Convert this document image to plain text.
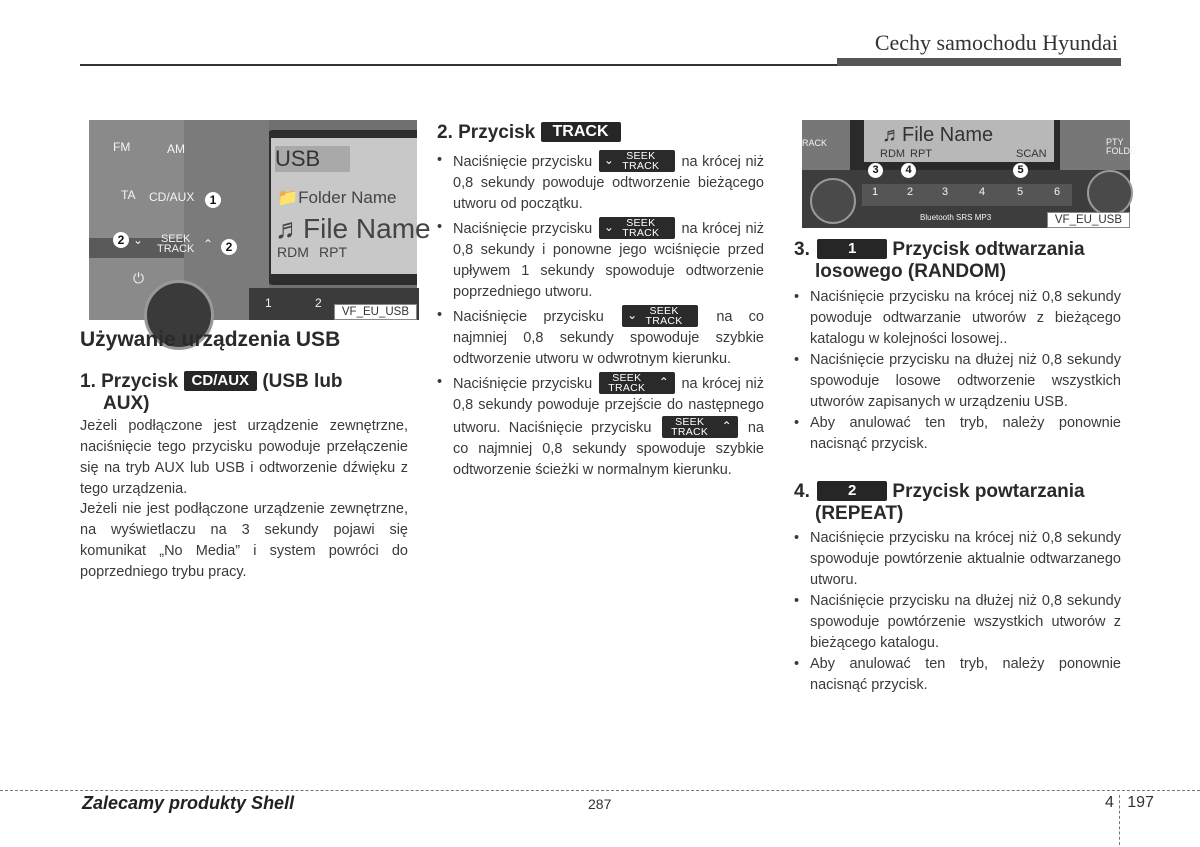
Cechy samochodu Hyundai
FM	AM
TA CD/AUX
SEEK
TRACK
⌄	⌃
⏻
1
2	2
USB
📁Folder Name
♬File Name
RDM RPT
1	2
VF_EU_USB
Używanie urządzenia USB
1. Przycisk CD/AUX (USB lub
AUX)
Jeżeli podłączone jest urządzenie zewnętrzne, naciśnięcie tego przycisku powoduje przełączenie się na tryb AUX lub USB i odtworzenie dźwięku z tego urządzenia.
Jeżeli nie jest podłączone urządzenie zewnętrzne, na wyświetlaczu na 3 sekundy pojawi się komunikat „No Media” i system powróci do poprzedniego trybu pracy.
2. Przycisk TRACK
• Naciśnięcie przycisku ⌄	SEEK
TRACK na krócej niż 0,8 sekundy powoduje odtworzenie bieżącego utworu od początku.
• Naciśnięcie przycisku ⌄	SEEK
TRACK na krócej niż 0,8 sekundy i ponowne jego wciśnięcie przed upływem 1 sekundy spowoduje odtworzenie poprzedniego utworu.
• Naciśnięcie przycisku ⌄	SEEK
TRACK na co najmniej 0,8 sekundy spowoduje szybkie odtworzenie utworu w odwrotnym kierunku.
• Naciśnięcie przycisku	SEEK
TRACK ⌃ na krócej niż 0,8 sekundy powoduje przejście do następnego utworu. Naciśnięcie przycisku	SEEK
TRACK ⌃ na co najmniej 0,8 sekundy spowoduje szybkie odtworzenie ścieżki w normalnym kierunku.
♬File Name
RDM RPT	SCAN
RACK	PTY
FOLDE
3	4	5
1	2	3	4	5	6
Bluetooth SRS MP3	VF_EU_USB
3.	1 Przycisk odtwarzania
losowego (RANDOM)
• Naciśnięcie przycisku na krócej niż 0,8 sekundy powoduje odtwarzanie utworów z bieżącego katalogu w kolejności losowej..
• Naciśnięcie przycisku na dłużej niż 0,8 sekundy spowoduje losowe odtworzenie wszystkich utworów zapisanych w urządzeniu USB.
• Aby anulować ten tryb, należy ponownie nacisnąć przycisk.
4.	2 Przycisk powtarzania
(REPEAT)
• Naciśnięcie przycisku na krócej niż 0,8 sekundy spowoduje powtórzenie aktualnie odtwarzanego utworu.
• Naciśnięcie przycisku na dłużej niż 0,8 sekundy spowoduje powtórzenie wszystkich utworów z bieżącego katalogu.
• Aby anulować ten tryb, należy ponownie nacisnąć przycisk.
Zalecamy produkty Shell	287	4 197
